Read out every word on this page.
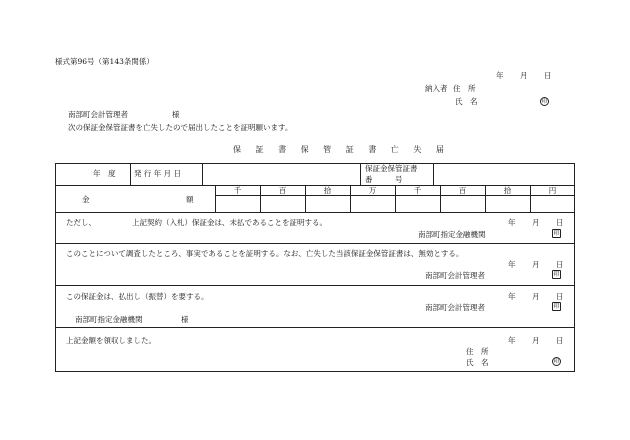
様式第96号（第143条関係）
年 月 日
納入者 住　所
氏　名	印
南部町会計管理者	様
次の保証金保管証書を亡失したので届出したことを証明願います。
保 証 書 保 管 証 書 亡 失 届
年　度 発 行 年 月 日
保証金保管証書
番　　　号
金	額
千	百	拾	万	千	百	拾	円
ただし、	上記契約（入札）保証金は、未払であることを証明する。	年 月 日
南部町指定金融機関	印
このことについて調査したところ、事実であることを証明する。なお、亡失した当該保証金保管証書は、無効とする。
年 月 日
南部町会計管理者	印
この保証金は、払出し（振替）を要する。	年 月 日
南部町会計管理者	印
南部町指定金融機関	様
上記金額を領収しました。	年 月 日
住　所
氏　名	印
